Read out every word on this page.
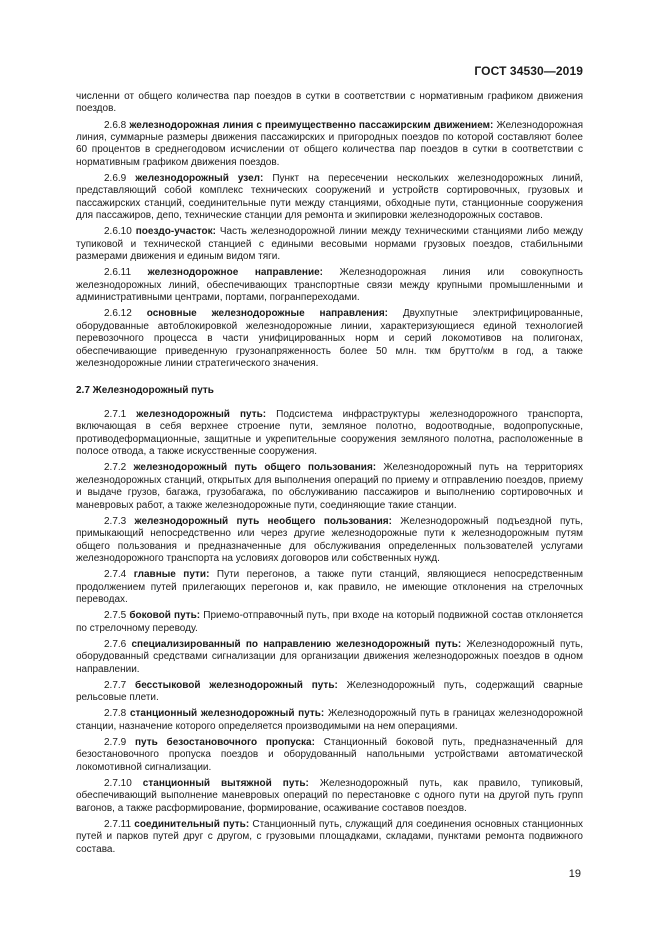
ГОСТ 34530—2019

численни от общего количества пар поездов в сутки в соответствии с нормативным графиком движения поездов.

2.6.8 железнодорожная линия с преимущественно пассажирским движением: Железнодорожная линия, суммарные размеры движения пассажирских и пригородных поездов по которой составляют более 60 процентов в среднегодовом исчислении от общего количества пар поездов в сутки в соответствии с нормативным графиком движения поездов.

2.6.9 железнодорожный узел: Пункт на пересечении нескольких железнодорожных линий, представляющий собой комплекс технических сооружений и устройств сортировочных, грузовых и пассажирских станций, соединительные пути между станциями, обходные пути, станционные сооружения для пассажиров, депо, технические станции для ремонта и экипировки железнодорожных составов.

2.6.10 поездо-участок: Часть железнодорожной линии между техническими станциями либо между тупиковой и технической станцией с едиными весовыми нормами грузовых поездов, стабильными размерами движения и единым видом тяги.

2.6.11 железнодорожное направление: Железнодорожная линия или совокупность железнодорожных линий, обеспечивающих транспортные связи между крупными промышленными и административными центрами, портами, погранпереходами.

2.6.12 основные железнодорожные направления: Двухпутные электрифицированные, оборудованные автоблокировкой железнодорожные линии, характеризующиеся единой технологией перевозочного процесса в части унифицированных норм и серий локомотивов на полигонах, обеспечивающие приведенную грузонапряженность более 50 млн. ткм брутто/км в год, а также железнодорожные линии стратегического значения.

2.7 Железнодорожный путь

2.7.1 железнодорожный путь: Подсистема инфраструктуры железнодорожного транспорта, включающая в себя верхнее строение пути, земляное полотно, водоотводные, водопропускные, противодеформационные, защитные и укрепительные сооружения земляного полотна, расположенные в полосе отвода, а также искусственные сооружения.

2.7.2 железнодорожный путь общего пользования: Железнодорожный путь на территориях железнодорожных станций, открытых для выполнения операций по приему и отправлению поездов, приему и выдаче грузов, багажа, грузобагажа, по обслуживанию пассажиров и выполнению сортировочных и маневровых работ, а также железнодорожные пути, соединяющие такие станции.

2.7.3 железнодорожный путь необщего пользования: Железнодорожный подъездной путь, примыкающий непосредственно или через другие железнодорожные пути к железнодорожным путям общего пользования и предназначенные для обслуживания определенных пользователей услугами железнодорожного транспорта на условиях договоров или собственных нужд.

2.7.4 главные пути: Пути перегонов, а также пути станций, являющиеся непосредственным продолжением путей прилегающих перегонов и, как правило, не имеющие отклонения на стрелочных переводах.

2.7.5 боковой путь: Приемо-отправочный путь, при входе на который подвижной состав отклоняется по стрелочному переводу.

2.7.6 специализированный по направлению железнодорожный путь: Железнодорожный путь, оборудованный средствами сигнализации для организации движения железнодорожных поездов в одном направлении.

2.7.7 бесстыковой железнодорожный путь: Железнодорожный путь, содержащий сварные рельсовые плети.

2.7.8 станционный железнодорожный путь: Железнодорожный путь в границах железнодорожной станции, назначение которого определяется производимыми на нем операциями.

2.7.9 путь безостановочного пропуска: Станционный боковой путь, предназначенный для безостановочного пропуска поездов и оборудованный напольными устройствами автоматической локомотивной сигнализации.

2.7.10 станционный вытяжной путь: Железнодорожный путь, как правило, тупиковый, обеспечивающий выполнение маневровых операций по перестановке с одного пути на другой путь групп вагонов, а также расформирование, формирование, осаживание составов поездов.

2.7.11 соединительный путь: Станционный путь, служащий для соединения основных станционных путей и парков путей друг с другом, с грузовыми площадками, складами, пунктами ремонта подвижного состава.

19
